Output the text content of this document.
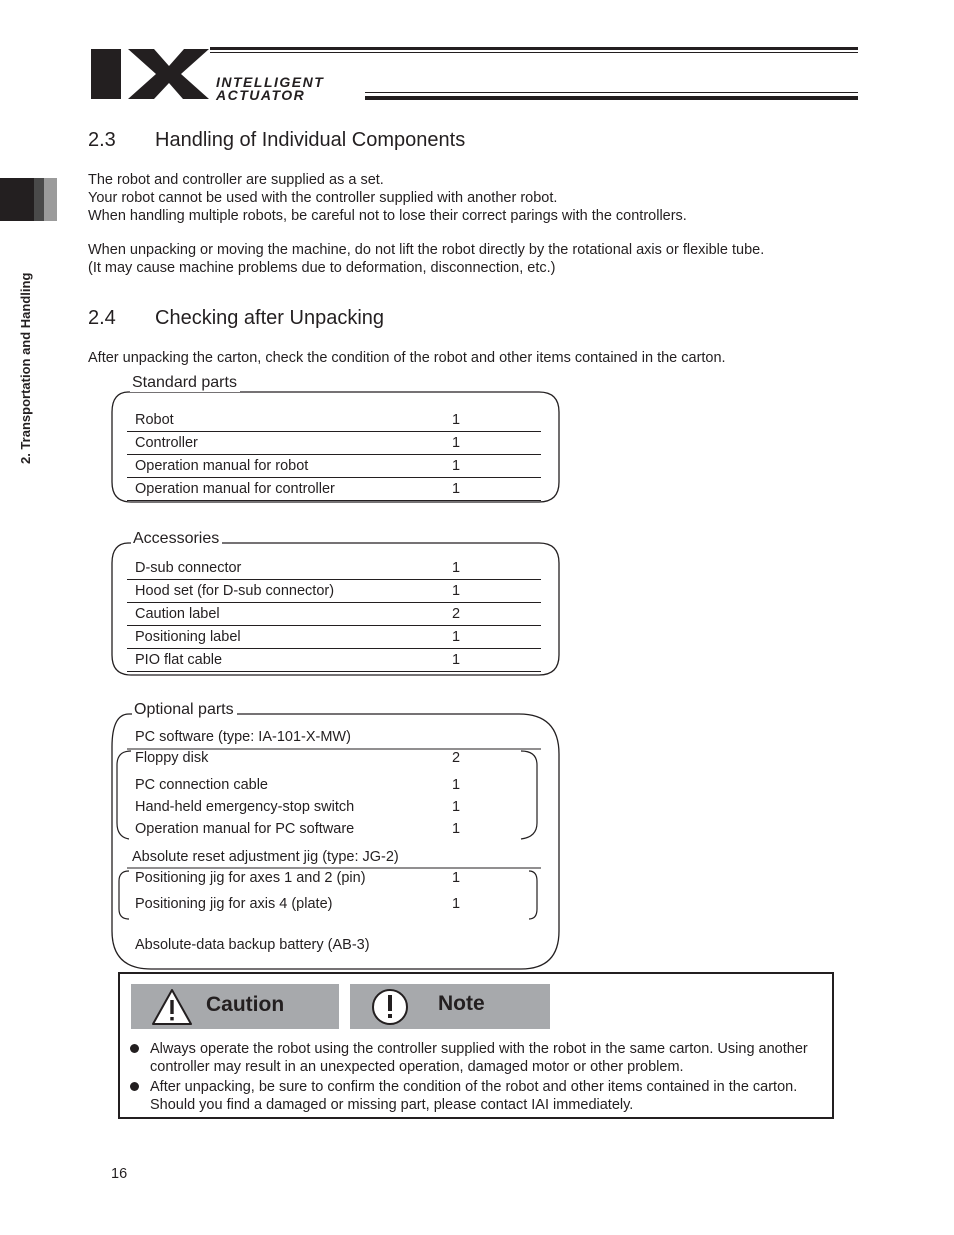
INTELLIGENT
ACTUATOR
2. Transportation and Handling
2.3 Handling of Individual Components
The robot and controller are supplied as a set.
Your robot cannot be used with the controller supplied with another robot.
When handling multiple robots, be careful not to lose their correct parings with the controllers.
When unpacking or moving the machine, do not lift the robot directly by the rotational axis or flexible tube.
(It may cause machine problems due to deformation, disconnection, etc.)
2.4 Checking after Unpacking
After unpacking the carton, check the condition of the robot and other items contained in the carton.
Standard parts
Robot	1
Controller	1
Operation manual for robot	1
Operation manual for controller	1
Accessories
D-sub connector	1
Hood set (for D-sub connector)	1
Caution label	2
Positioning label	1
PIO flat cable	1
Optional parts
PC software (type: IA-101-X-MW)
Floppy disk	2
PC connection cable	1
Hand-held emergency-stop switch	1
Operation manual for PC software	1
Absolute reset adjustment jig (type: JG-2)
Positioning jig for axes 1 and 2 (pin)	1
Positioning jig for axis 4 (plate)	1
Absolute-data backup battery (AB-3)
Caution	Note
Always operate the robot using the controller supplied with the robot in the same carton. Using another controller may result in an unexpected operation, damaged motor or other problem.
After unpacking, be sure to confirm the condition of the robot and other items contained in the carton. Should you find a damaged or missing part, please contact IAI immediately.
16
